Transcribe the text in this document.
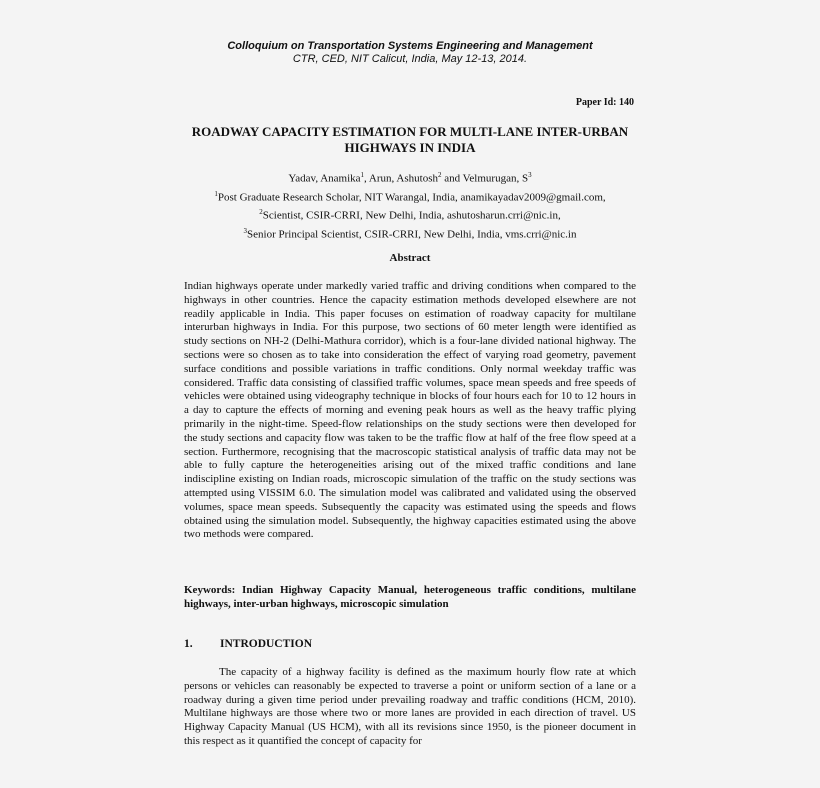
Colloquium on Transportation Systems Engineering and Management
CTR, CED, NIT Calicut, India, May 12-13, 2014.
Paper Id: 140
ROADWAY CAPACITY ESTIMATION FOR MULTI-LANE INTER-URBAN HIGHWAYS IN INDIA
Yadav, Anamika$^1$, Arun, Ashutosh$^2$ and Velmurugan, $S^3$
$^1$Post Graduate Research Scholar, NIT Warangal, India, anamikayadav2009@gmail.com,
$^2$Scientist, CSIR-CRRI, New Delhi, India, ashutosharun.crri@nic.in,
$^3$Senior Principal Scientist, CSIR-CRRI, New Delhi, India, vms.crri@nic.in
Abstract
Indian highways operate under markedly varied traffic and driving conditions when compared to the highways in other countries. Hence the capacity estimation methods developed elsewhere are not readily applicable in India. This paper focuses on estimation of roadway capacity for multilane interurban highways in India. For this purpose, two sections of 60 meter length were identified as study sections on NH-2 (Delhi-Mathura corridor), which is a four-lane divided national highway. The sections were so chosen as to take into consideration the effect of varying road geometry, pavement surface conditions and possible variations in traffic conditions. Only normal weekday traffic was considered. Traffic data consisting of classified traffic volumes, space mean speeds and free speeds of vehicles were obtained using videography technique in blocks of four hours each for 10 to 12 hours in a day to capture the effects of morning and evening peak hours as well as the heavy traffic plying primarily in the night-time. Speed-flow relationships on the study sections were then developed for the study sections and capacity flow was taken to be the traffic flow at half of the free flow speed at a section. Furthermore, recognising that the macroscopic statistical analysis of traffic data may not be able to fully capture the heterogeneities arising out of the mixed traffic conditions and lane indiscipline existing on Indian roads, microscopic simulation of the traffic on the study sections was attempted using VISSIM 6.0. The simulation model was calibrated and validated using the observed volumes, space mean speeds. Subsequently the capacity was estimated using the speeds and flows obtained using the simulation model. Subsequently, the highway capacities estimated using the above two methods were compared.
Keywords: Indian Highway Capacity Manual, heterogeneous traffic conditions, multilane highways, inter-urban highways, microscopic simulation
1. INTRODUCTION
The capacity of a highway facility is defined as the maximum hourly flow rate at which persons or vehicles can reasonably be expected to traverse a point or uniform section of a lane or a roadway during a given time period under prevailing roadway and traffic conditions (HCM, 2010). Multilane highways are those where two or more lanes are provided in each direction of travel. US Highway Capacity Manual (US HCM), with all its revisions since 1950, is the pioneer document in this respect as it quantified the concept of capacity for
